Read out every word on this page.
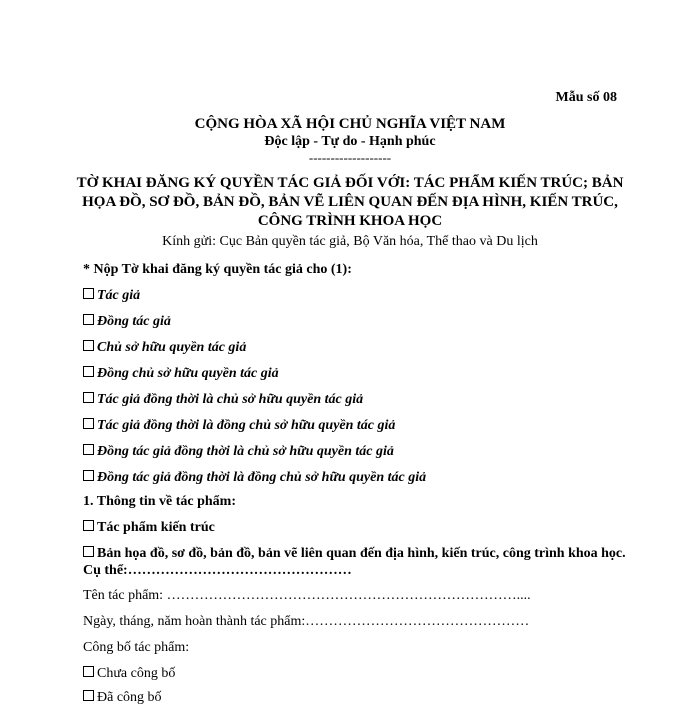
Mẫu số 08
CỘNG HÒA XÃ HỘI CHỦ NGHĨA VIỆT NAM
Độc lập - Tự do - Hạnh phúc
-------------------
TỜ KHAI ĐĂNG KÝ QUYỀN TÁC GIẢ ĐỐI VỚI: TÁC PHẨM KIẾN TRÚC; BẢN
HỌA ĐỒ, SƠ ĐỒ, BẢN ĐỒ, BẢN VẼ LIÊN QUAN ĐẾN ĐỊA HÌNH, KIẾN TRÚC,
CÔNG TRÌNH KHOA HỌC
Kính gửi: Cục Bản quyền tác giả, Bộ Văn hóa, Thể thao và Du lịch
* Nộp Tờ khai đăng ký quyền tác giả cho (1):
Tác giả
Đồng tác giả
Chủ sở hữu quyền tác giả
Đồng chủ sở hữu quyền tác giả
Tác giả đồng thời là chủ sở hữu quyền tác giả
Tác giả đồng thời là đồng chủ sở hữu quyền tác giả
Đồng tác giả đồng thời là chủ sở hữu quyền tác giả
Đồng tác giả đồng thời là đồng chủ sở hữu quyền tác giả
1. Thông tin về tác phẩm:
Tác phẩm kiến trúc
Bản họa đồ, sơ đồ, bản đồ, bản vẽ liên quan đến địa hình, kiến trúc, công trình khoa học.
Cụ thể:…………………………………………
Tên tác phẩm: …………………………………………………………………....
Ngày, tháng, năm hoàn thành tác phẩm:…………………………………………
Công bố tác phẩm:
Chưa công bố
Đã công bố
